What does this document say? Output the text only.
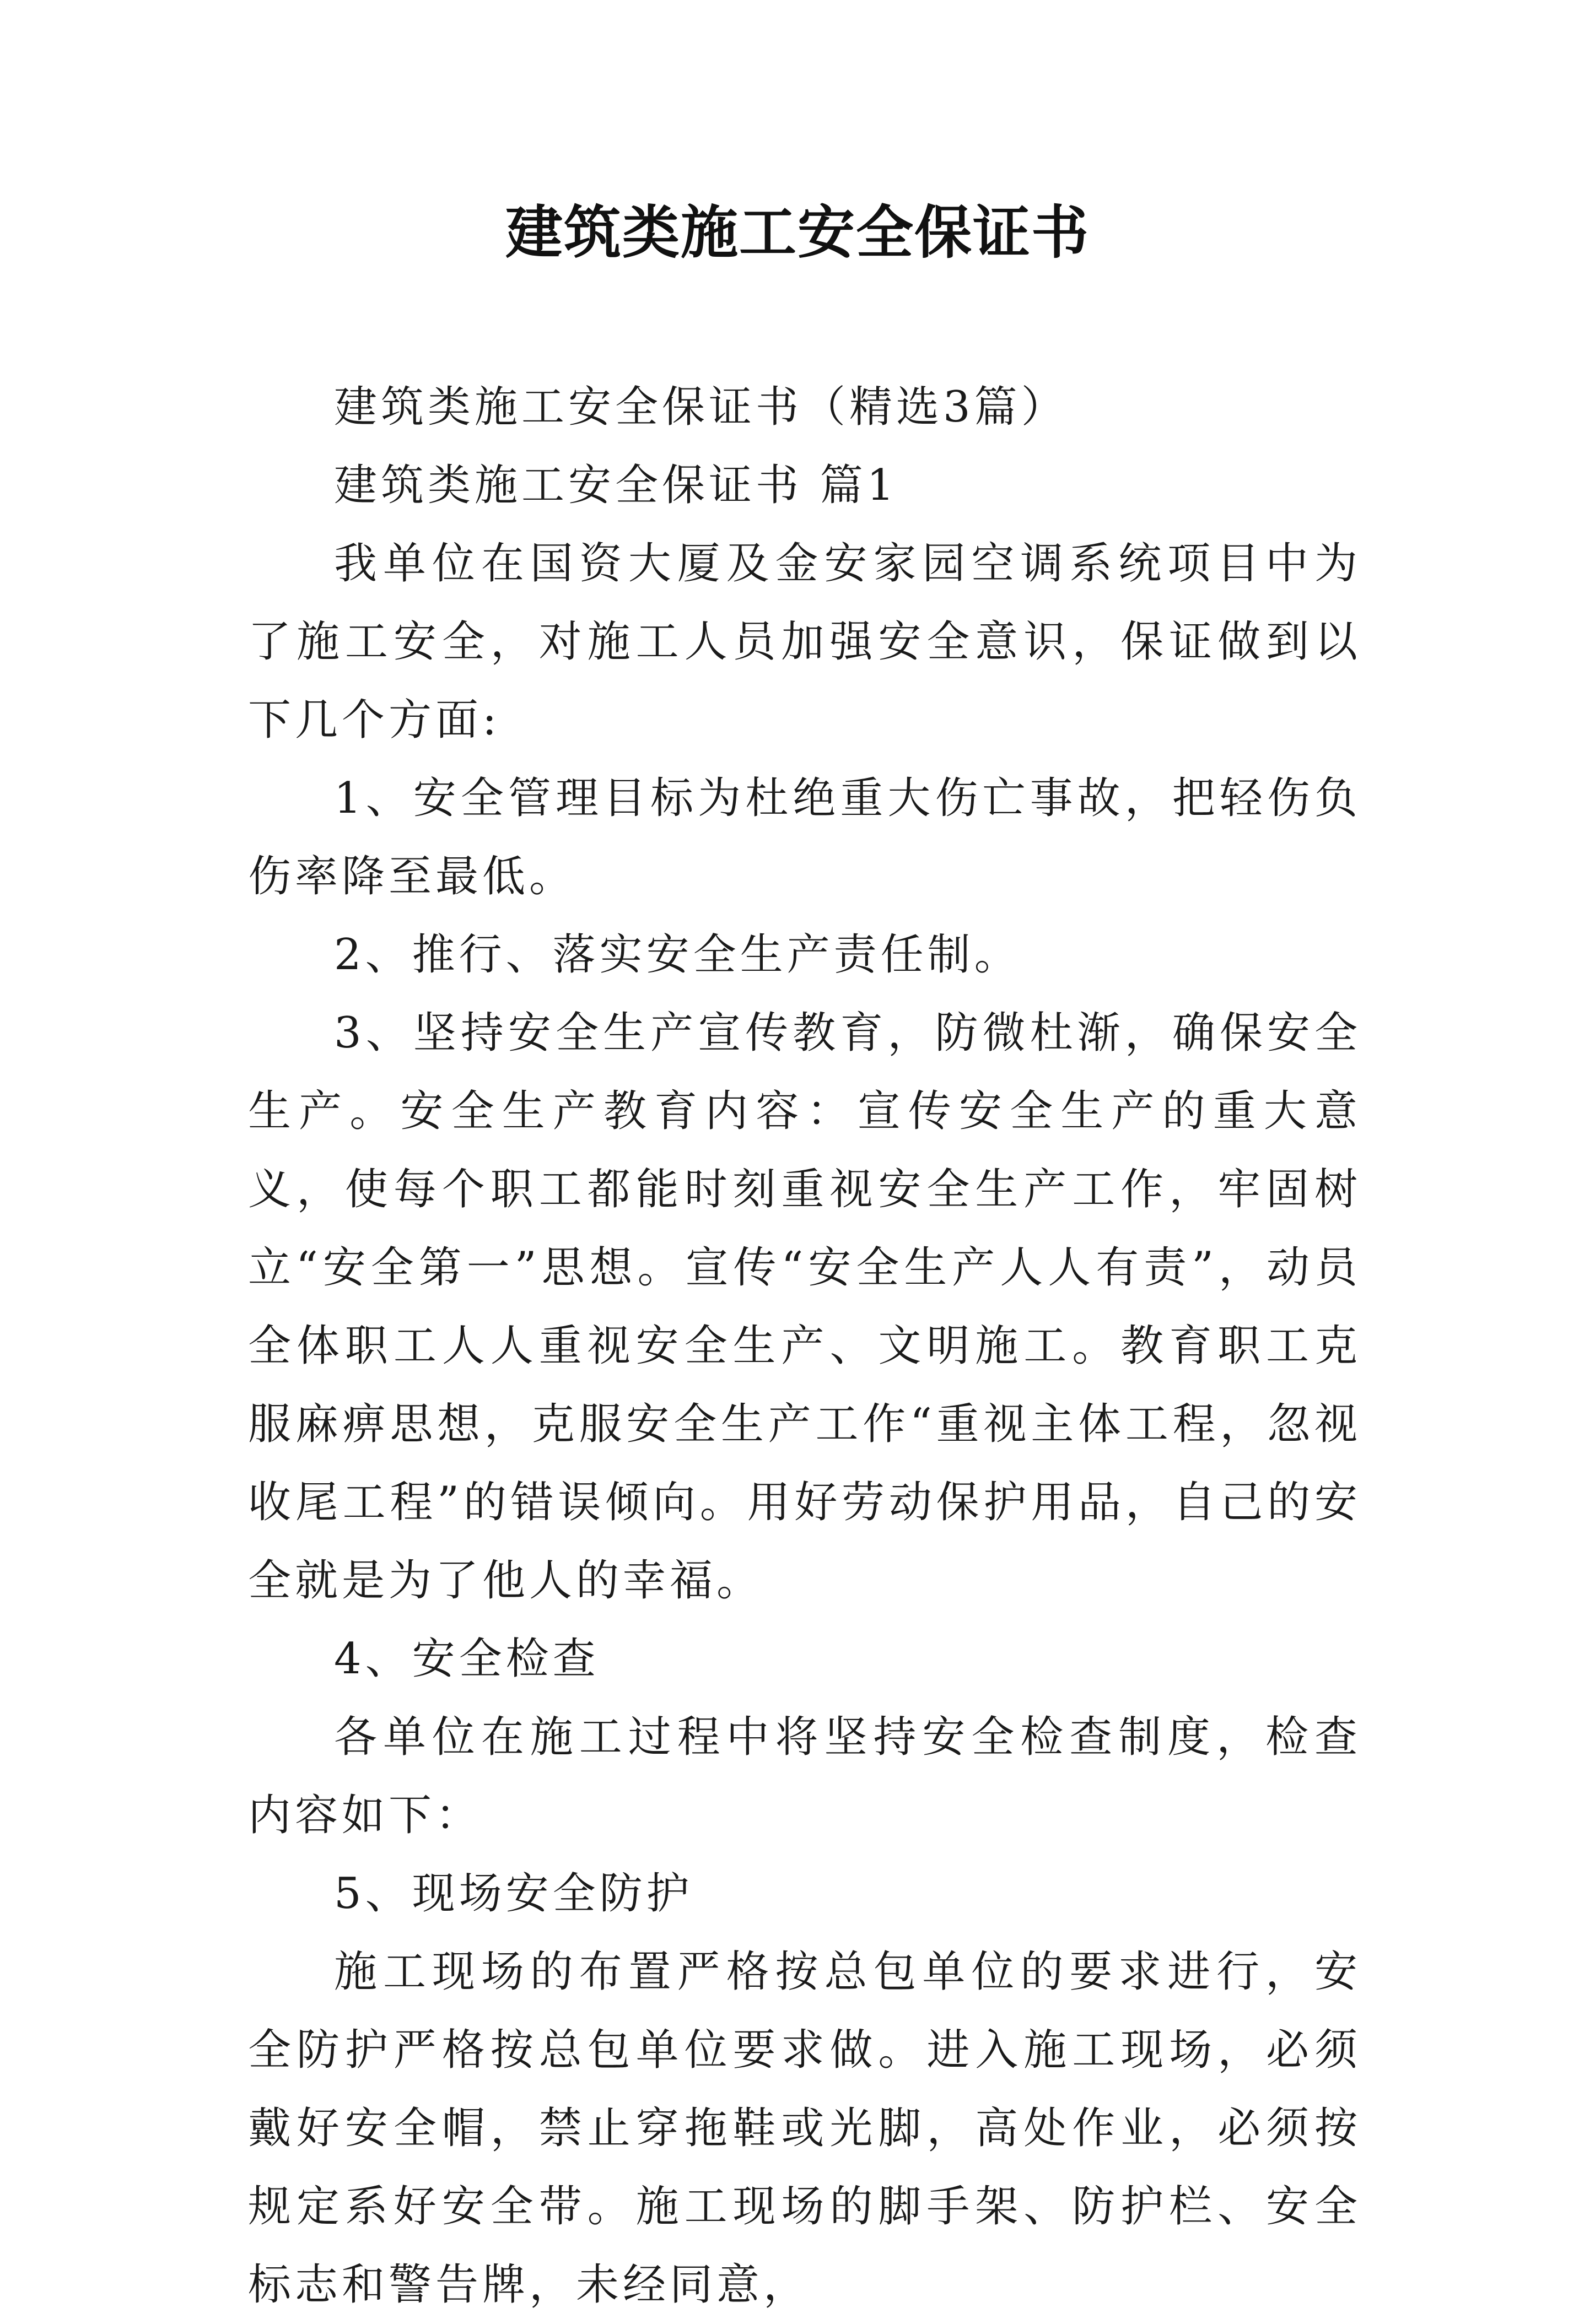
建筑类施工安全保证书

建筑类施工安全保证书（精选3篇）

建筑类施工安全保证书 篇1

我单位在国资大厦及金安家园空调系统项目中为了施工安全，对施工人员加强安全意识，保证做到以下几个方面:

1、安全管理目标为杜绝重大伤亡事故，把轻伤负伤率降至最低。

2、推行、落实安全生产责任制。

3、坚持安全生产宣传教育，防微杜渐，确保安全生产。安全生产教育内容：宣传安全生产的重大意义，使每个职工都能时刻重视安全生产工作，牢固树立“安全第一”思想。宣传“安全生产人人有责”，动员全体职工人人重视安全生产、文明施工。教育职工克服麻痹思想，克服安全生产工作“重视主体工程，忽视收尾工程”的错误倾向。用好劳动保护用品，自己的安全就是为了他人的幸福。

4、安全检查

各单位在施工过程中将坚持安全检查制度，检查内容如下：

5、现场安全防护

施工现场的布置严格按总包单位的要求进行，安全防护严格按总包单位要求做。进入施工现场，必须戴好安全帽，禁止穿拖鞋或光脚，高处作业，必须按规定系好安全带。施工现场的脚手架、防护栏、安全标志和警告牌，未经同意，
